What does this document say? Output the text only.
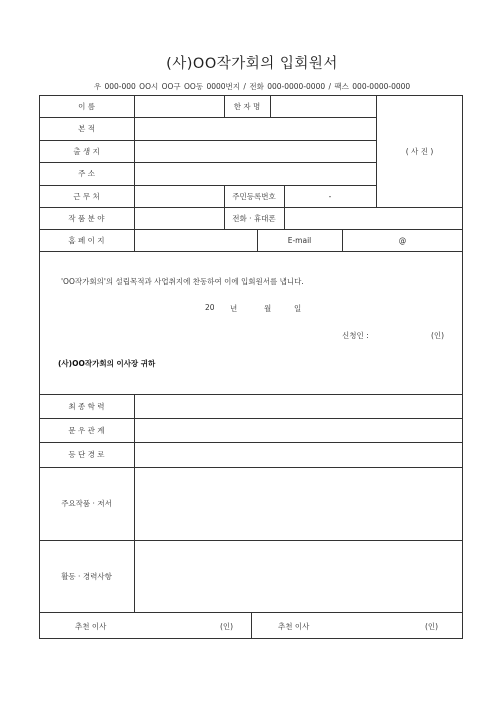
(사)OO작가회의 입회원서
우 000-000 OO시 OO구 OO동 0000번지 / 전화 000-0000-0000 / 팩스 000-0000-0000
이 름	한 자 명
본 적
출 생 지
주 소
( 사 진 )
근 무 처	주민등록번호	-
작 품 분 야	전화 · 휴대폰
홈 페 이 지	E-mail	@
'OO작가회의'의 설립목적과 사업취지에 찬동하여 이에 입회원서를 냅니다.
20 년	월	일
신청인 :	(인)
(사)OO작가회의 이사장 귀하
최 종 학 력
문 우 관 계
등 단 경 로
주요작품 · 저서
활동 · 경력사항
추천 이사	(인)	추천 이사	(인)
